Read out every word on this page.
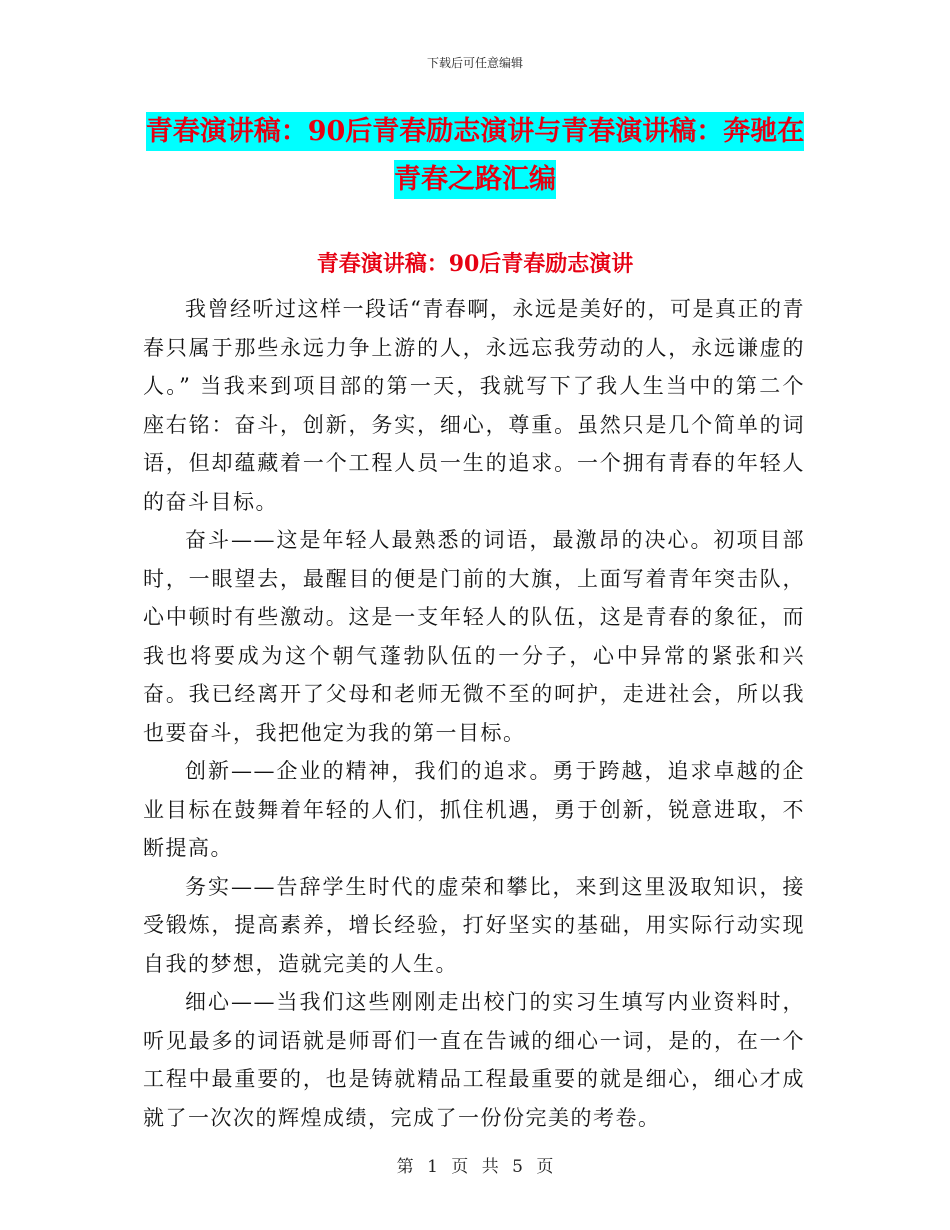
下载后可任意编辑
青春演讲稿：90后青春励志演讲与青春演讲稿：奔驰在青春之路汇编
青春演讲稿：90后青春励志演讲

我曾经听过这样一段话“青春啊，永远是美好的，可是真正的青春只属于那些永远力争上游的人，永远忘我劳动的人，永远谦虚的人。” 当我来到项目部的第一天，我就写下了我人生当中的第二个座右铭：奋斗，创新，务实，细心，尊重。虽然只是几个简单的词语，但却蕴藏着一个工程人员一生的追求。一个拥有青春的年轻人的奋斗目标。

奋斗——这是年轻人最熟悉的词语，最激昂的决心。初项目部时，一眼望去，最醒目的便是门前的大旗，上面写着青年突击队，心中顿时有些激动。这是一支年轻人的队伍，这是青春的象征，而我也将要成为这个朝气蓬勃队伍的一分子，心中异常的紧张和兴奋。我已经离开了父母和老师无微不至的呵护，走进社会，所以我也要奋斗，我把他定为我的第一目标。

创新——企业的精神，我们的追求。勇于跨越，追求卓越的企业目标在鼓舞着年轻的人们，抓住机遇，勇于创新，锐意进取，不断提高。

务实——告辞学生时代的虚荣和攀比，来到这里汲取知识，接受锻炼，提高素养，增长经验，打好坚实的基础，用实际行动实现自我的梦想，造就完美的人生。

细心——当我们这些刚刚走出校门的实习生填写内业资料时，听见最多的词语就是师哥们一直在告诫的细心一词，是的，在一个工程中最重要的，也是铸就精品工程最重要的就是细心，细心才成就了一次次的辉煌成绩，完成了一份份完美的考卷。

第 1 页 共 5 页
